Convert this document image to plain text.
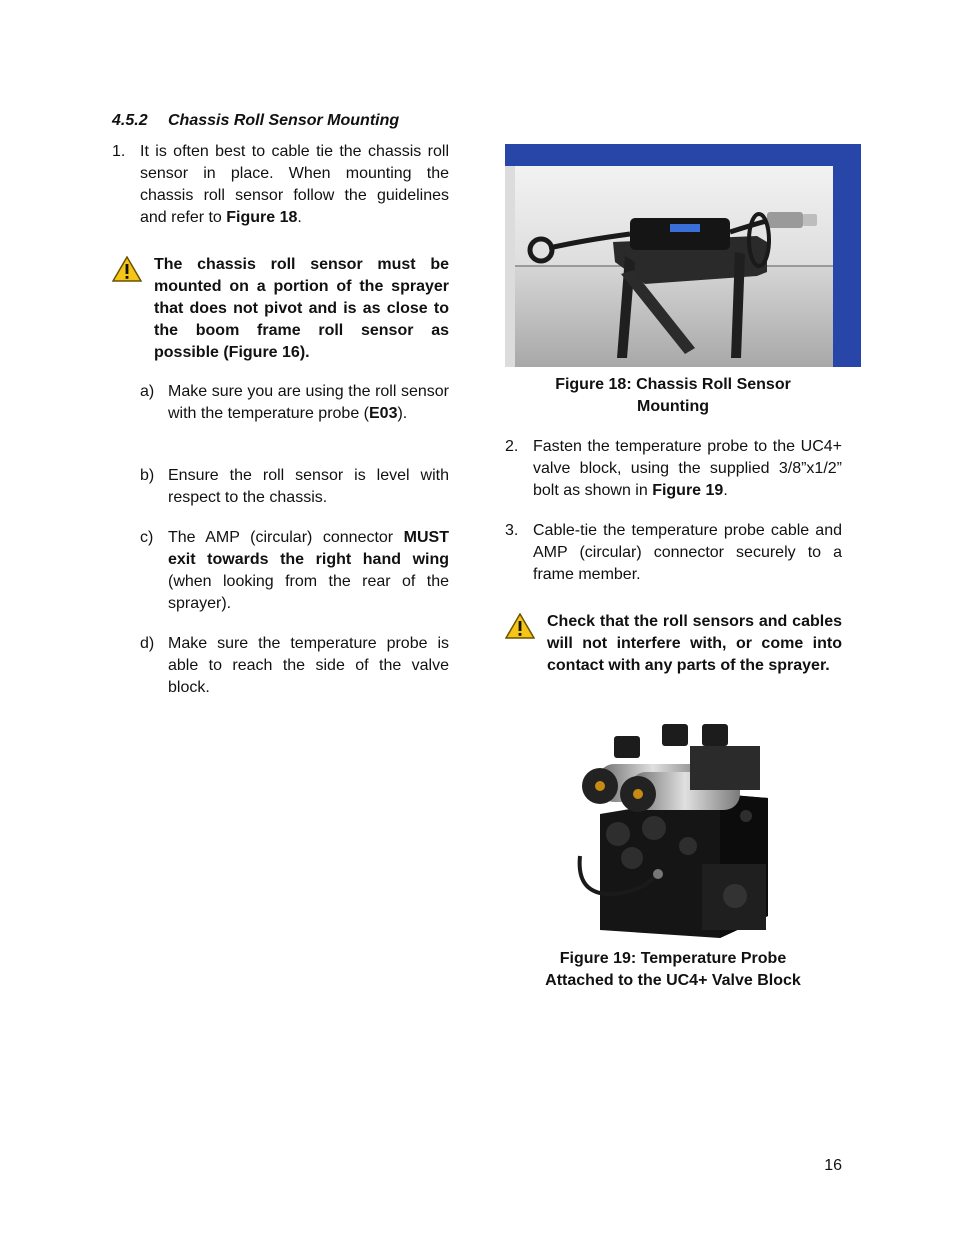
4.5.2 Chassis Roll Sensor Mounting
1. It is often best to cable tie the chassis roll sensor in place. When mounting the chassis roll sensor follow the guidelines and refer to Figure 18.
The chassis roll sensor must be mounted on a portion of the sprayer that does not pivot and is as close to the boom frame roll sensor as possible (Figure 16).
a) Make sure you are using the roll sensor with the temperature probe (E03).
b) Ensure the roll sensor is level with respect to the chassis.
c) The AMP (circular) connector MUST exit towards the right hand wing (when looking from the rear of the sprayer).
d) Make sure the temperature probe is able to reach the side of the valve block.
Figure 18: Chassis Roll Sensor
Mounting
2. Fasten the temperature probe to the UC4+ valve block, using the supplied 3/8”x1/2” bolt as shown in Figure 19.
3. Cable-tie the temperature probe cable and AMP (circular) connector securely to a frame member.
Check that the roll sensors and cables will not interfere with, or come into contact with any parts of the sprayer.
Figure 19: Temperature Probe
Attached to the UC4+ Valve Block
16
